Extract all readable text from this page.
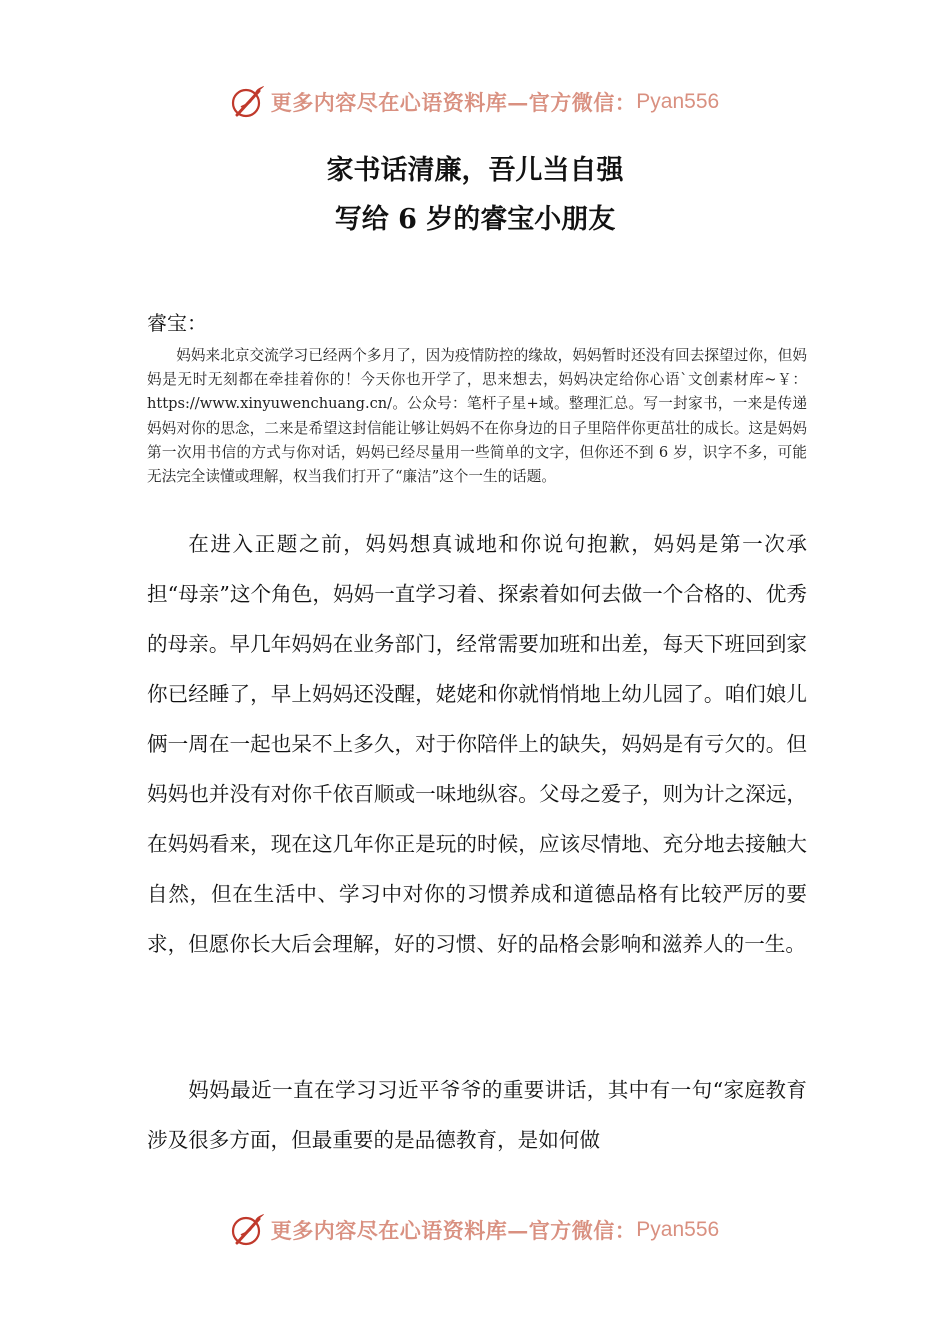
更多内容尽在心语资料库—官方微信： Pyan556
家书话清廉，吾儿当自强
写给 6 岁的睿宝小朋友
睿宝：
妈妈来北京交流学习已经两个多月了，因为疫情防控的缘故，妈妈暂时还没有回去探望过你，但妈妈是无时无刻都在牵挂着你的！今天你也开学了，思来想去，妈妈决定给你心语`文创素材库~￥：https://www.xinyuwenchuang.cn/。公众号：笔杆子星+域。整理汇总。写一封家书，一来是传递妈妈对你的思念，二来是希望这封信能让够让妈妈不在你身边的日子里陪伴你更茁壮的成长。这是妈妈第一次用书信的方式与你对话，妈妈已经尽量用一些简单的文字，但你还不到 6 岁，识字不多，可能无法完全读懂或理解，权当我们打开了“廉洁”这个一生的话题。
在进入正题之前，妈妈想真诚地和你说句抱歉，妈妈是第一次承担“母亲”这个角色，妈妈一直学习着、探索着如何去做一个合格的、优秀的母亲。早几年妈妈在业务部门，经常需要加班和出差，每天下班回到家你已经睡了，早上妈妈还没醒，姥姥和你就悄悄地上幼儿园了。咱们娘儿俩一周在一起也呆不上多久，对于你陪伴上的缺失，妈妈是有亏欠的。但妈妈也并没有对你千依百顺或一味地纵容。父母之爱子，则为计之深远，在妈妈看来，现在这几年你正是玩的时候，应该尽情地、充分地去接触大自然，但在生活中、学习中对你的习惯养成和道德品格有比较严厉的要求，但愿你长大后会理解，好的习惯、好的品格会影响和滋养人的一生。
妈妈最近一直在学习习近平爷爷的重要讲话，其中有一句“家庭教育涉及很多方面，但最重要的是品德教育，是如何做
更多内容尽在心语资料库—官方微信： Pyan556
